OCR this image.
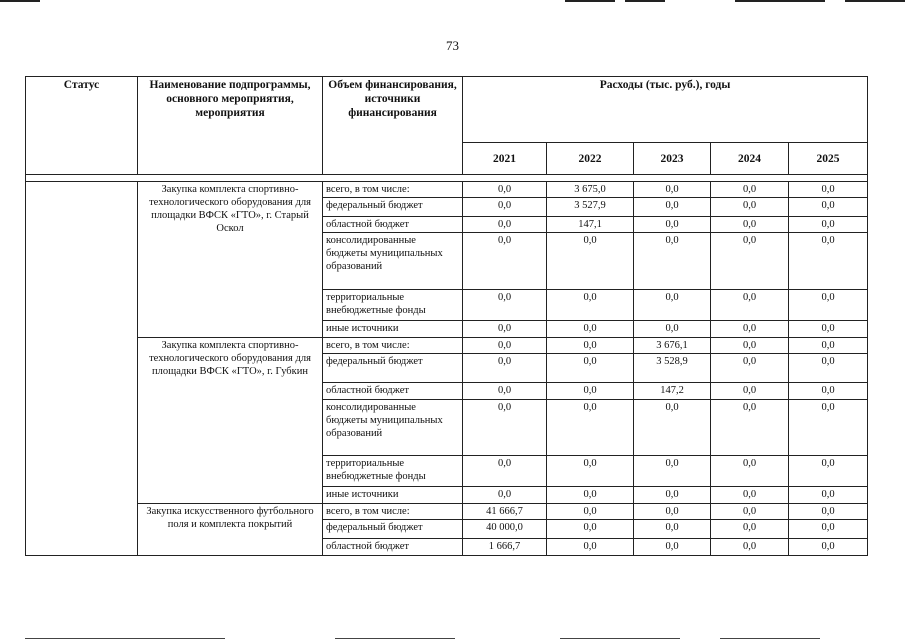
73
Статус	Наименование подпрограммы, основного мероприятия, мероприятия	Объем финансирования, источники финансирования	Расходы (тыс. руб.), годы				
			2021	2022	2023	2024	2025

	Закупка комплекта спортивно-технологического оборудования для площадки ВФСК «ГТО», г. Старый Оскол	всего, в том числе:	0,0	3 675,0	0,0	0,0	0,0
		федеральный бюджет	0,0	3 527,9	0,0	0,0	0,0
		областной бюджет	0,0	147,1	0,0	0,0	0,0
		консолидированные бюджеты муниципальных образований	0,0	0,0	0,0	0,0	0,0
		территориальные внебюджетные фонды	0,0	0,0	0,0	0,0	0,0
		иные источники	0,0	0,0	0,0	0,0	0,0
	Закупка комплекта спортивно-технологического оборудования для площадки ВФСК «ГТО», г. Губкин	всего, в том числе:	0,0	0,0	3 676,1	0,0	0,0
		федеральный бюджет	0,0	0,0	3 528,9	0,0	0,0
		областной бюджет	0,0	0,0	147,2	0,0	0,0
		консолидированные бюджеты муниципальных образований	0,0	0,0	0,0	0,0	0,0
		территориальные внебюджетные фонды	0,0	0,0	0,0	0,0	0,0
		иные источники	0,0	0,0	0,0	0,0	0,0
	Закупка искусственного футбольного поля и комплекта покрытий	всего, в том числе:	41 666,7	0,0	0,0	0,0	0,0
		федеральный бюджет	40 000,0	0,0	0,0	0,0	0,0
		областной бюджет	1 666,7	0,0	0,0	0,0	0,0
